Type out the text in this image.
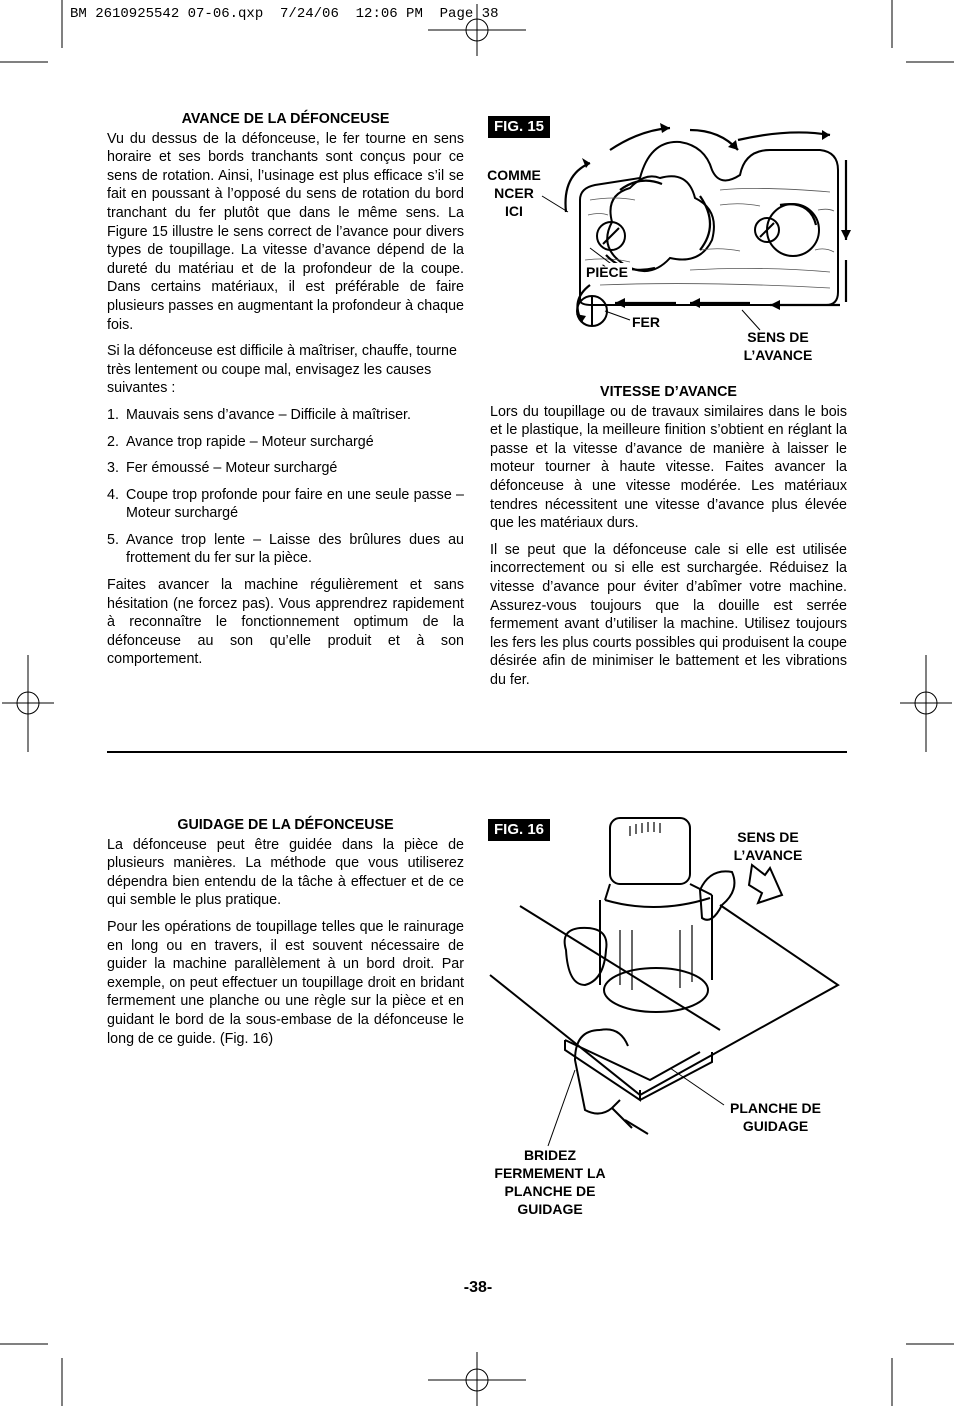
BM 2610925542 07-06.qxp  7/24/06  12:06 PM  Page 38

AVANCE DE LA DÉFONCEUSE

Vu du dessus de la défonceuse, le fer tourne en sens horaire et ses bords tranchants sont conçus pour ce sens de rotation. Ainsi, l’usinage est plus efficace s’il se fait en poussant à l’opposé du sens de rotation du bord tranchant du fer plutôt que dans le même sens. La Figure 15 illustre le sens correct de l’avance pour divers types de toupillage. La vitesse d’avance dépend de la dureté du matériau et de la profondeur de la coupe. Dans certains matériaux, il est préférable de faire plusieurs passes en augmentant la profondeur à chaque fois.

Si la défonceuse est difficile à maîtriser, chauffe, tourne très lentement ou coupe mal, envisagez les causes suivantes :

1. Mauvais sens d’avance – Difficile à maîtriser.
2. Avance trop rapide – Moteur surchargé
3. Fer émoussé – Moteur surchargé
4. Coupe trop profonde pour faire en une seule passe – Moteur surchargé
5. Avance trop lente – Laisse des brûlures dues au frottement du fer sur la pièce.

Faites avancer la machine régulièrement et sans hésitation (ne forcez pas). Vous apprendrez rapidement à reconnaître le fonctionnement optimum de la défonceuse au son qu’elle produit et à son comportement.

FIG. 15
COMME
NCER
ICI
PIÈCE
FER
SENS DE
L’AVANCE

VITESSE D’AVANCE

Lors du toupillage ou de travaux similaires dans le bois et le plastique, la meilleure finition s’obtient en réglant la passe et la vitesse d’avance de manière à laisser le moteur tourner à haute vitesse. Faites avancer la défonceuse à une vitesse modérée. Les matériaux tendres nécessitent une vitesse d’avance plus élevée que les matériaux durs.

Il se peut que la défonceuse cale si elle est utilisée incorrectement ou si elle est surchargée. Réduisez la vitesse d’avance pour éviter d’abîmer votre machine. Assurez-vous toujours que la douille est serrée fermement avant d’utiliser la machine. Utilisez toujours les fers les plus courts possibles qui produisent la coupe désirée afin de minimiser le battement et les vibrations du fer.

GUIDAGE DE LA DÉFONCEUSE

La défonceuse peut être guidée dans la pièce de plusieurs manières. La méthode que vous utiliserez dépendra bien entendu de la tâche à effectuer et de ce qui semble le plus pratique.

Pour les opérations de toupillage telles que le rainurage en long ou en travers, il est souvent nécessaire de guider la machine parallèlement à un bord droit. Par exemple, on peut effectuer un toupillage droit en bridant fermement une planche ou une règle sur la pièce et en guidant le bord de la sous-embase de la défonceuse le long de ce guide. (Fig. 16)

FIG. 16	SENS DE
L’AVANCE
PLANCHE DE
GUIDAGE
BRIDEZ
FERMEMENT LA
PLANCHE DE
GUIDAGE
-38-
